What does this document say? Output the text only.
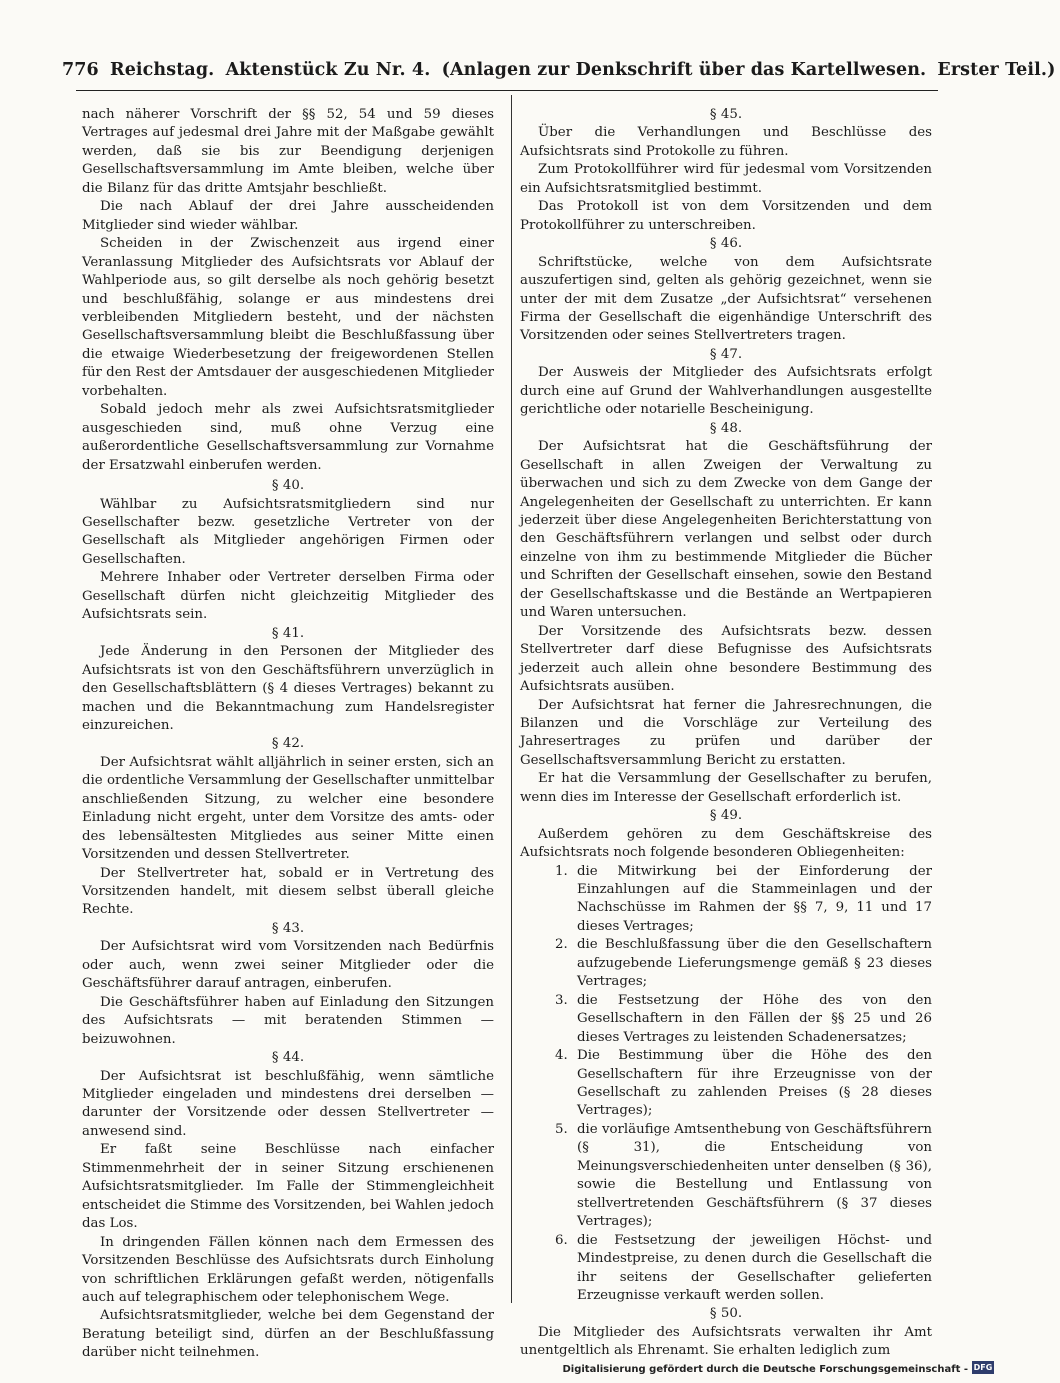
776 Reichstag. Aktenstück Zu Nr. 4. (Anlagen zur Denkschrift über das Kartellwesen. Erster Teil.)

nach näherer Vorschrift der §§ 52, 54 und 59 dieses Vertrages auf jedesmal drei Jahre mit der Maßgabe gewählt werden, daß sie bis zur Beendigung derjenigen Gesellschaftsversammlung im Amte bleiben, welche über die Bilanz für das dritte Amtsjahr beschließt.

Die nach Ablauf der drei Jahre ausscheidenden Mitglieder sind wieder wählbar.

Scheiden in der Zwischenzeit aus irgend einer Veranlassung Mitglieder des Aufsichtsrats vor Ablauf der Wahlperiode aus, so gilt derselbe als noch gehörig besetzt und beschlußfähig, solange er aus mindestens drei verbleibenden Mitgliedern besteht, und der nächsten Gesellschaftsversammlung bleibt die Beschlußfassung über die etwaige Wiederbesetzung der freigewordenen Stellen für den Rest der Amtsdauer der ausgeschiedenen Mitglieder vorbehalten.

Sobald jedoch mehr als zwei Aufsichtsratsmitglieder ausgeschieden sind, muß ohne Verzug eine außerordentliche Gesellschaftsversammlung zur Vornahme der Ersatzwahl einberufen werden.

§ 40.

Wählbar zu Aufsichtsratsmitgliedern sind nur Gesellschafter bezw. gesetzliche Vertreter von der Gesellschaft als Mitglieder angehörigen Firmen oder Gesellschaften.

Mehrere Inhaber oder Vertreter derselben Firma oder Gesellschaft dürfen nicht gleichzeitig Mitglieder des Aufsichtsrats sein.

§ 41.

Jede Änderung in den Personen der Mitglieder des Aufsichtsrats ist von den Geschäftsführern unverzüglich in den Gesellschaftsblättern (§ 4 dieses Vertrages) bekannt zu machen und die Bekanntmachung zum Handelsregister einzureichen.

§ 42.

Der Aufsichtsrat wählt alljährlich in seiner ersten, sich an die ordentliche Versammlung der Gesellschafter unmittelbar anschließenden Sitzung, zu welcher eine besondere Einladung nicht ergeht, unter dem Vorsitze des amts- oder des lebensältesten Mitgliedes aus seiner Mitte einen Vorsitzenden und dessen Stellvertreter.

Der Stellvertreter hat, sobald er in Vertretung des Vorsitzenden handelt, mit diesem selbst überall gleiche Rechte.

§ 43.

Der Aufsichtsrat wird vom Vorsitzenden nach Bedürfnis oder auch, wenn zwei seiner Mitglieder oder die Geschäftsführer darauf antragen, einberufen.

Die Geschäftsführer haben auf Einladung den Sitzungen des Aufsichtsrats — mit beratenden Stimmen — beizuwohnen.

§ 44.

Der Aufsichtsrat ist beschlußfähig, wenn sämtliche Mitglieder eingeladen und mindestens drei derselben — darunter der Vorsitzende oder dessen Stellvertreter — anwesend sind.

Er faßt seine Beschlüsse nach einfacher Stimmenmehrheit der in seiner Sitzung erschienenen Aufsichtsratsmitglieder. Im Falle der Stimmengleichheit entscheidet die Stimme des Vorsitzenden, bei Wahlen jedoch das Los.

In dringenden Fällen können nach dem Ermessen des Vorsitzenden Beschlüsse des Aufsichtsrats durch Einholung von schriftlichen Erklärungen gefaßt werden, nötigenfalls auch auf telegraphischem oder telephonischem Wege.

Aufsichtsratsmitglieder, welche bei dem Gegenstand der Beratung beteiligt sind, dürfen an der Beschlußfassung darüber nicht teilnehmen.

§ 45.

Über die Verhandlungen und Beschlüsse des Aufsichtsrats sind Protokolle zu führen.

Zum Protokollführer wird für jedesmal vom Vorsitzenden ein Aufsichtsratsmitglied bestimmt.

Das Protokoll ist von dem Vorsitzenden und dem Protokollführer zu unterschreiben.

§ 46.

Schriftstücke, welche von dem Aufsichtsrate auszufertigen sind, gelten als gehörig gezeichnet, wenn sie unter der mit dem Zusatze „der Aufsichtsrat“ versehenen Firma der Gesellschaft die eigenhändige Unterschrift des Vorsitzenden oder seines Stellvertreters tragen.

§ 47.

Der Ausweis der Mitglieder des Aufsichtsrats erfolgt durch eine auf Grund der Wahlverhandlungen ausgestellte gerichtliche oder notarielle Bescheinigung.

§ 48.

Der Aufsichtsrat hat die Geschäftsführung der Gesellschaft in allen Zweigen der Verwaltung zu überwachen und sich zu dem Zwecke von dem Gange der Angelegenheiten der Gesellschaft zu unterrichten. Er kann jederzeit über diese Angelegenheiten Berichterstattung von den Geschäftsführern verlangen und selbst oder durch einzelne von ihm zu bestimmende Mitglieder die Bücher und Schriften der Gesellschaft einsehen, sowie den Bestand der Gesellschaftskasse und die Bestände an Wertpapieren und Waren untersuchen.

Der Vorsitzende des Aufsichtsrats bezw. dessen Stellvertreter darf diese Befugnisse des Aufsichtsrats jederzeit auch allein ohne besondere Bestimmung des Aufsichtsrats ausüben.

Der Aufsichtsrat hat ferner die Jahresrechnungen, die Bilanzen und die Vorschläge zur Verteilung des Jahresertrages zu prüfen und darüber der Gesellschaftsversammlung Bericht zu erstatten.

Er hat die Versammlung der Gesellschafter zu berufen, wenn dies im Interesse der Gesellschaft erforderlich ist.

§ 49.

Außerdem gehören zu dem Geschäftskreise des Aufsichtsrats noch folgende besonderen Obliegenheiten:

1. die Mitwirkung bei der Einforderung der Einzahlungen auf die Stammeinlagen und der Nachschüsse im Rahmen der §§ 7, 9, 11 und 17 dieses Vertrages;
2. die Beschlußfassung über die den Gesellschaftern aufzugebende Lieferungsmenge gemäß § 23 dieses Vertrages;
3. die Festsetzung der Höhe des von den Gesellschaftern in den Fällen der §§ 25 und 26 dieses Vertrages zu leistenden Schadenersatzes;
4. Die Bestimmung über die Höhe des den Gesellschaftern für ihre Erzeugnisse von der Gesellschaft zu zahlenden Preises (§ 28 dieses Vertrages);
5. die vorläufige Amtsenthebung von Geschäftsführern (§ 31), die Entscheidung von Meinungsverschiedenheiten unter denselben (§ 36), sowie die Bestellung und Entlassung von stellvertretenden Geschäftsführern (§ 37 dieses Vertrages);
6. die Festsetzung der jeweiligen Höchst- und Mindestpreise, zu denen durch die Gesellschaft die ihr seitens der Gesellschafter gelieferten Erzeugnisse verkauft werden sollen.
§ 50.

Die Mitglieder des Aufsichtsrats verwalten ihr Amt unentgeltlich als Ehrenamt. Sie erhalten lediglich zum

Digitalisierung gefördert durch die Deutsche Forschungsgemeinschaft - DFG
